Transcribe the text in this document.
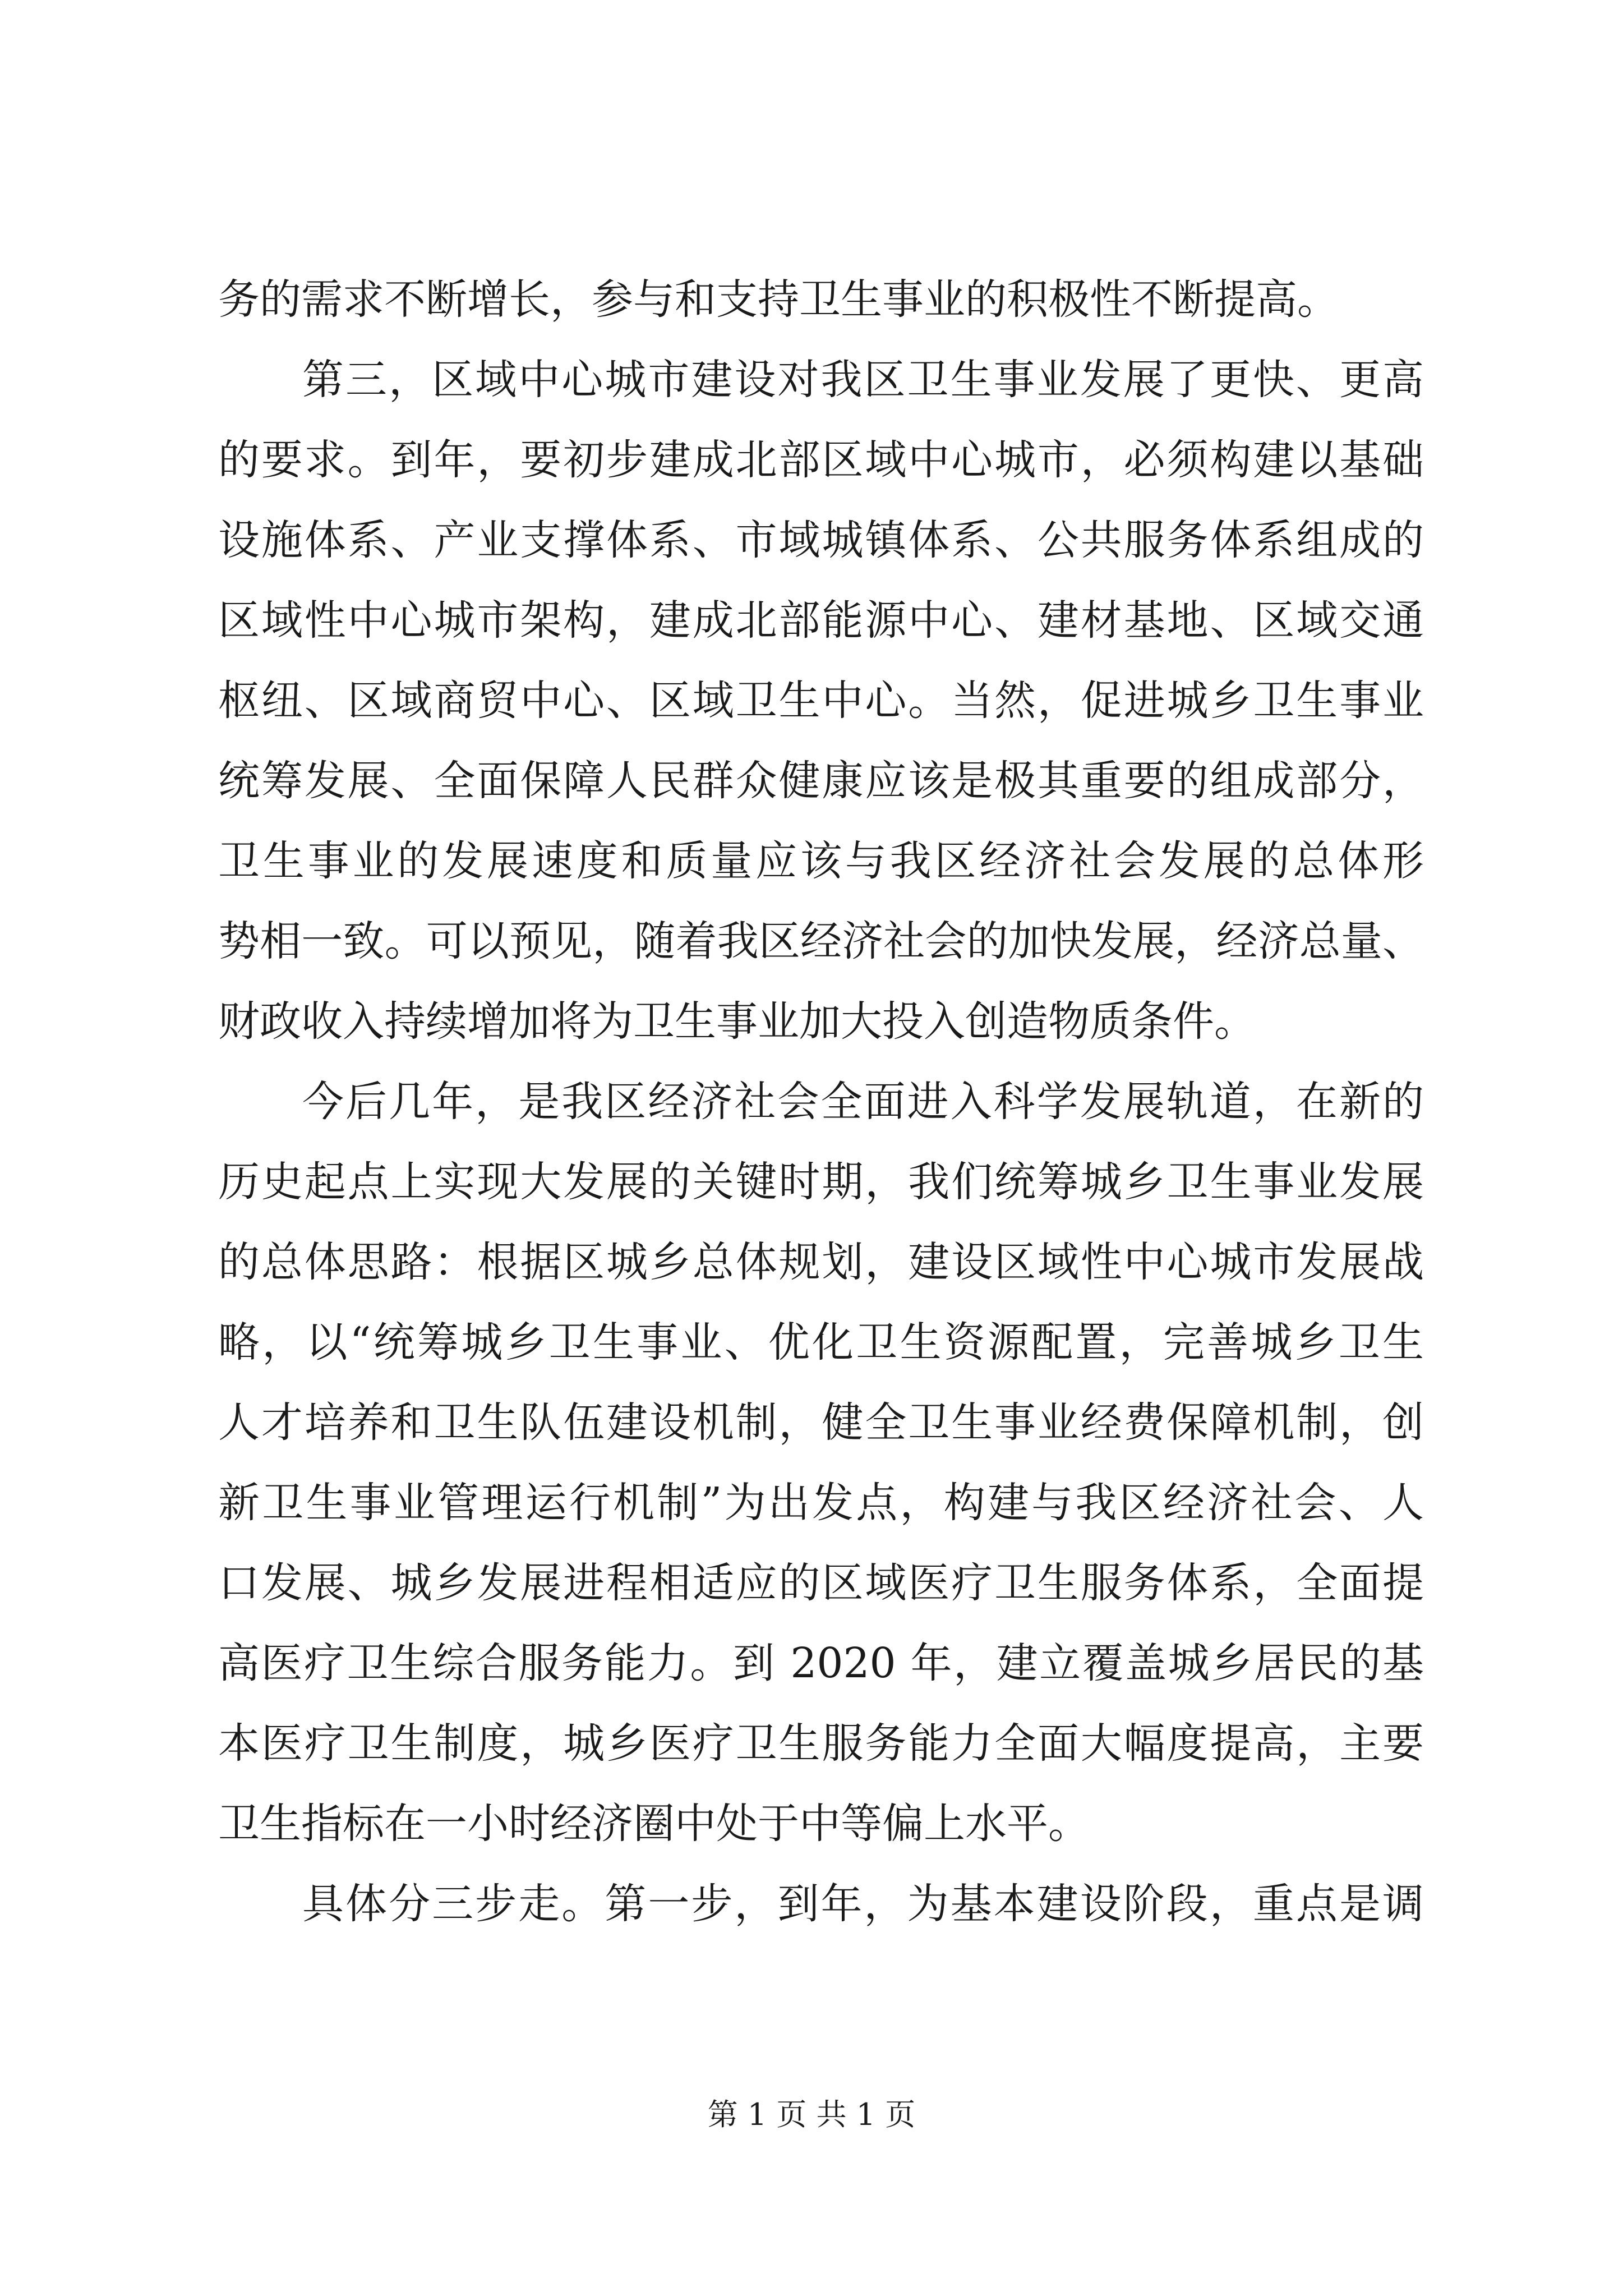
务的需求不断增长，参与和支持卫生事业的积极性不断提高。
第三，区域中心城市建设对我区卫生事业发展了更快、更高
的要求。到年，要初步建成北部区域中心城市，必须构建以基础
设施体系、产业支撑体系、市域城镇体系、公共服务体系组成的
区域性中心城市架构，建成北部能源中心、建材基地、区域交通
枢纽、区域商贸中心、区域卫生中心。当然，促进城乡卫生事业
统筹发展、全面保障人民群众健康应该是极其重要的组成部分，
卫生事业的发展速度和质量应该与我区经济社会发展的总体形
势相一致。可以预见，随着我区经济社会的加快发展，经济总量、
财政收入持续增加将为卫生事业加大投入创造物质条件。
今后几年，是我区经济社会全面进入科学发展轨道，在新的
历史起点上实现大发展的关键时期，我们统筹城乡卫生事业发展
的总体思路：根据区城乡总体规划，建设区域性中心城市发展战
略，以“统筹城乡卫生事业、优化卫生资源配置，完善城乡卫生
人才培养和卫生队伍建设机制，健全卫生事业经费保障机制，创
新卫生事业管理运行机制”为出发点，构建与我区经济社会、人
口发展、城乡发展进程相适应的区域医疗卫生服务体系，全面提
高医疗卫生综合服务能力。到 2020 年，建立覆盖城乡居民的基
本医疗卫生制度，城乡医疗卫生服务能力全面大幅度提高，主要
卫生指标在一小时经济圈中处于中等偏上水平。
具体分三步走。第一步，到年，为基本建设阶段，重点是调
第 1 页 共 1 页
